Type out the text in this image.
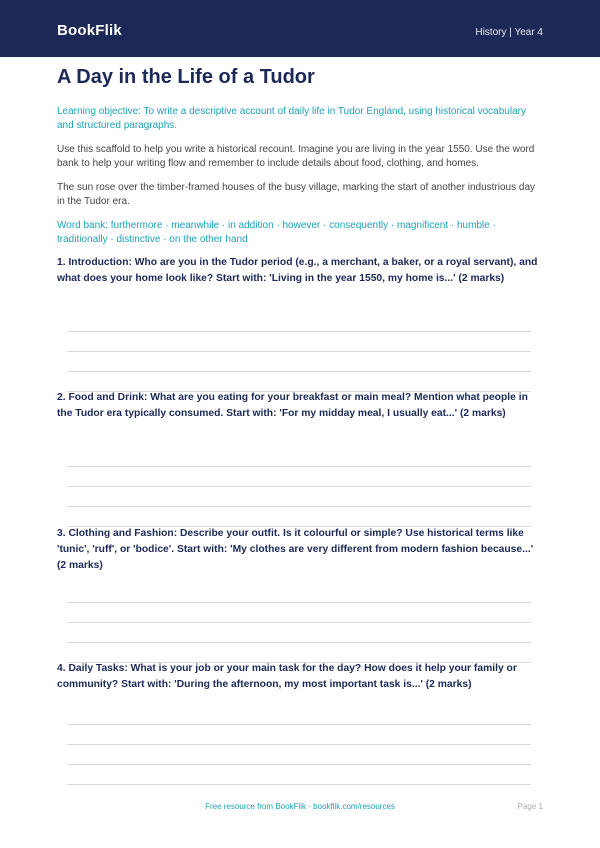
BookFlik	History | Year 4
A Day in the Life of a Tudor
Learning objective: To write a descriptive account of daily life in Tudor England, using historical vocabulary and structured paragraphs.
Use this scaffold to help you write a historical recount. Imagine you are living in the year 1550. Use the word bank to help your writing flow and remember to include details about food, clothing, and homes.
The sun rose over the timber-framed houses of the busy village, marking the start of another industrious day in the Tudor era.
Word bank: furthermore · meanwhile · in addition · however · consequently · magnificent · humble · traditionally · distinctive · on the other hand
1. Introduction: Who are you in the Tudor period (e.g., a merchant, a baker, or a royal servant), and what does your home look like? Start with: 'Living in the year 1550, my home is...' (2 marks)
2. Food and Drink: What are you eating for your breakfast or main meal? Mention what people in the Tudor era typically consumed. Start with: 'For my midday meal, I usually eat...' (2 marks)
3. Clothing and Fashion: Describe your outfit. Is it colourful or simple? Use historical terms like 'tunic', 'ruff', or 'bodice'. Start with: 'My clothes are very different from modern fashion because...' (2 marks)
4. Daily Tasks: What is your job or your main task for the day? How does it help your family or community? Start with: 'During the afternoon, my most important task is...' (2 marks)
Free resource from BookFlik · bookflik.com/resources	Page 1
